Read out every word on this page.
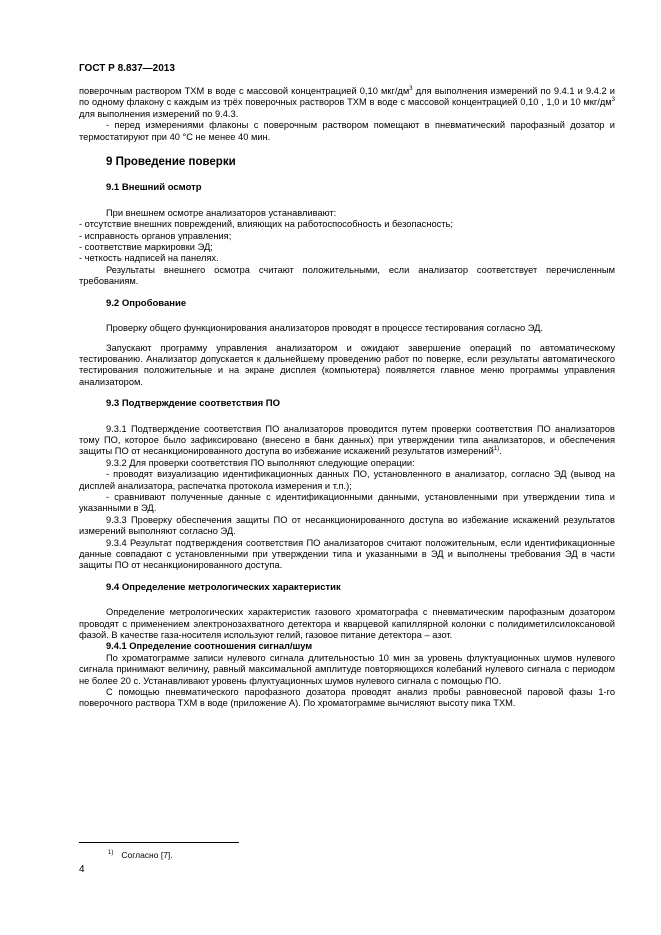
ГОСТ Р 8.837—2013

поверочным раствором ТХМ в воде с массовой концентрацией 0,10 мкг/$дм^3$ для выполнения измерений по 9.4.1 и 9.4.2 и по одному флакону с каждым из трёх поверочных растворов ТХМ в воде с массовой концентрацией 0,10 , 1,0 и 10 мкг/$дм^3$ для выполнения измерений по 9.4.3.

- перед измерениями флаконы с поверочным раствором помещают в пневматический парофазный дозатор и термостатируют при 40 °С не менее 40 мин.

9 Проведение поверки
9.1 Внешний осмотр

При внешнем осмотре анализаторов устанавливают:

- отсутствие внешних повреждений, влияющих на работоспособность и безопасность;

- исправность органов управления;

- соответствие маркировки ЭД;

- четкость надписей на панелях.

Результаты внешнего осмотра считают положительными, если анализатор соответствует перечисленным требованиям.

9.2 Опробование

Проверку общего функционирования анализаторов проводят в процессе тестирования согласно ЭД.

Запускают программу управления анализатором и ожидают завершение операций по автоматическому тестированию. Анализатор допускается к дальнейшему проведению работ по поверке, если результаты автоматического тестирования положительные и на экране дисплея (компьютера) появляется главное меню программы управления анализатором.

9.3 Подтверждение соответствия ПО

9.3.1 Подтверждение соответствия ПО анализаторов проводится путем проверки соответствия ПО анализаторов тому ПО, которое было зафиксировано (внесено в банк данных) при утверждении типа анализаторов, и обеспечения защиты ПО от несанкционированного доступа во избежание искажений результатов измерений$^{1)}$.

9.3.2 Для проверки соответствия ПО выполняют следующие операции:

- проводят визуализацию идентификационных данных ПО, установленного в анализатор, согласно ЭД (вывод на дисплей анализатора, распечатка протокола измерения и т.п.);

- сравнивают полученные данные с идентификационными данными, установленными при утверждении типа и указанными в ЭД.

9.3.3 Проверку обеспечения защиты ПО от несанкционированного доступа во избежание искажений результатов измерений выполняют согласно ЭД.

9.3.4 Результат подтверждения соответствия ПО анализаторов считают положительным, если идентификационные данные совпадают с установленными при утверждении типа и указанными в ЭД и выполнены требования ЭД в части защиты ПО от несанкционированного доступа.

9.4 Определение метрологических характеристик

Определение метрологических характеристик газового хроматографа с пневматическим парофазным дозатором проводят с применением электронозахватного детектора и кварцевой капиллярной колонки с полидиметилсилоксановой фазой. В качестве газа-носителя используют гелий, газовое питание детектора – азот.

9.4.1 Определение соотношения сигнал/шум

По хроматограмме записи нулевого сигнала длительностью 10 мин за уровень флуктуационных шумов нулевого сигнала принимают величину, равный максимальной амплитуде повторяющихся колебаний нулевого сигнала с периодом не более 20 с. Устанавливают уровень флуктуационных шумов нулевого сигнала с помощью ПО.

С помощью пневматического парофазного дозатора проводят анализ пробы равновесной паровой фазы 1-го поверочного раствора ТХМ в воде (приложение А). По хроматограмме вычисляют высоту пика ТХМ.

$^{1)}$ Согласно [7].
4
